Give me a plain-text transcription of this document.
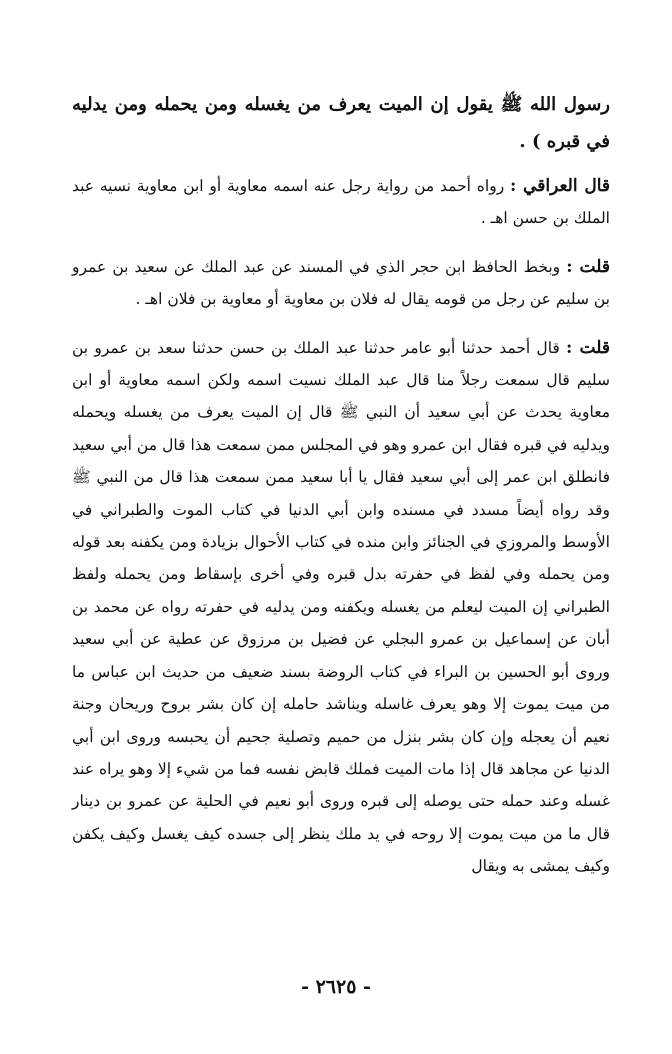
رسول الله ﷺ يقول إن الميت يعرف من يغسله ومن يحمله ومن يدليه في قبره ) .

قال العراقي : رواه أحمد من رواية رجل عنه اسمه معاوية أو ابن معاوية نسيه عبد الملك بن حسن اهـ .

قلت : وبخط الحافظ ابن حجر الذي في المسند عن عبد الملك عن سعيد بن عمرو بن سليم عن رجل من قومه يقال له فلان بن معاوية أو معاوية بن فلان اهـ .

قلت : قال أحمد حدثنا أبو عامر حدثنا عبد الملك بن حسن حدثنا سعد بن عمرو بن سليم قال سمعت رجلاً منا قال عبد الملك نسيت اسمه ولكن اسمه معاوية أو ابن معاوية يحدث عن أبي سعيد أن النبي ﷺ قال إن الميت يعرف من يغسله ويحمله ويدليه في قبره فقال ابن عمرو وهو في المجلس ممن سمعت هذا قال من أبي سعيد فانطلق ابن عمر إلى أبي سعيد فقال يا أبا سعيد ممن سمعت هذا قال من النبي ﷺ وقد رواه أيضاً مسدد في مسنده وابن أبي الدنيا في كتاب الموت والطبراني في الأوسط والمروزي في الجنائز وابن منده في كتاب الأحوال بزيادة ومن يكفنه بعد قوله ومن يحمله وفي لفظ في حفرته بدل قبره وفي أخرى بإسقاط ومن يحمله ولفظ الطبراني إن الميت ليعلم من يغسله ويكفنه ومن يدليه في حفرته رواه عن محمد بن أبان عن إسماعيل بن عمرو البجلي عن فضيل بن مرزوق عن عطية عن أبي سعيد وروى أبو الحسين بن البراء في كتاب الروضة بسند ضعيف من حديث ابن عباس ما من ميت يموت إلا وهو يعرف غاسله ويناشد حامله إن كان بشر بروح وريحان وجنة نعيم أن يعجله وإن كان بشر بنزل من حميم وتصلية جحيم أن يحبسه وروى ابن أبي الدنيا عن مجاهد قال إذا مات الميت فملك قابض نفسه فما من شيء إلا وهو يراه عند غسله وعند حمله حتى يوصله إلى قبره وروى أبو نعيم في الحلية عن عمرو بن دينار قال ما من ميت يموت إلا روحه في يد ملك ينظر إلى جسده كيف يغسل وكيف يكفن وكيف يمشى به ويقال

- ٢٦٢٥ -
